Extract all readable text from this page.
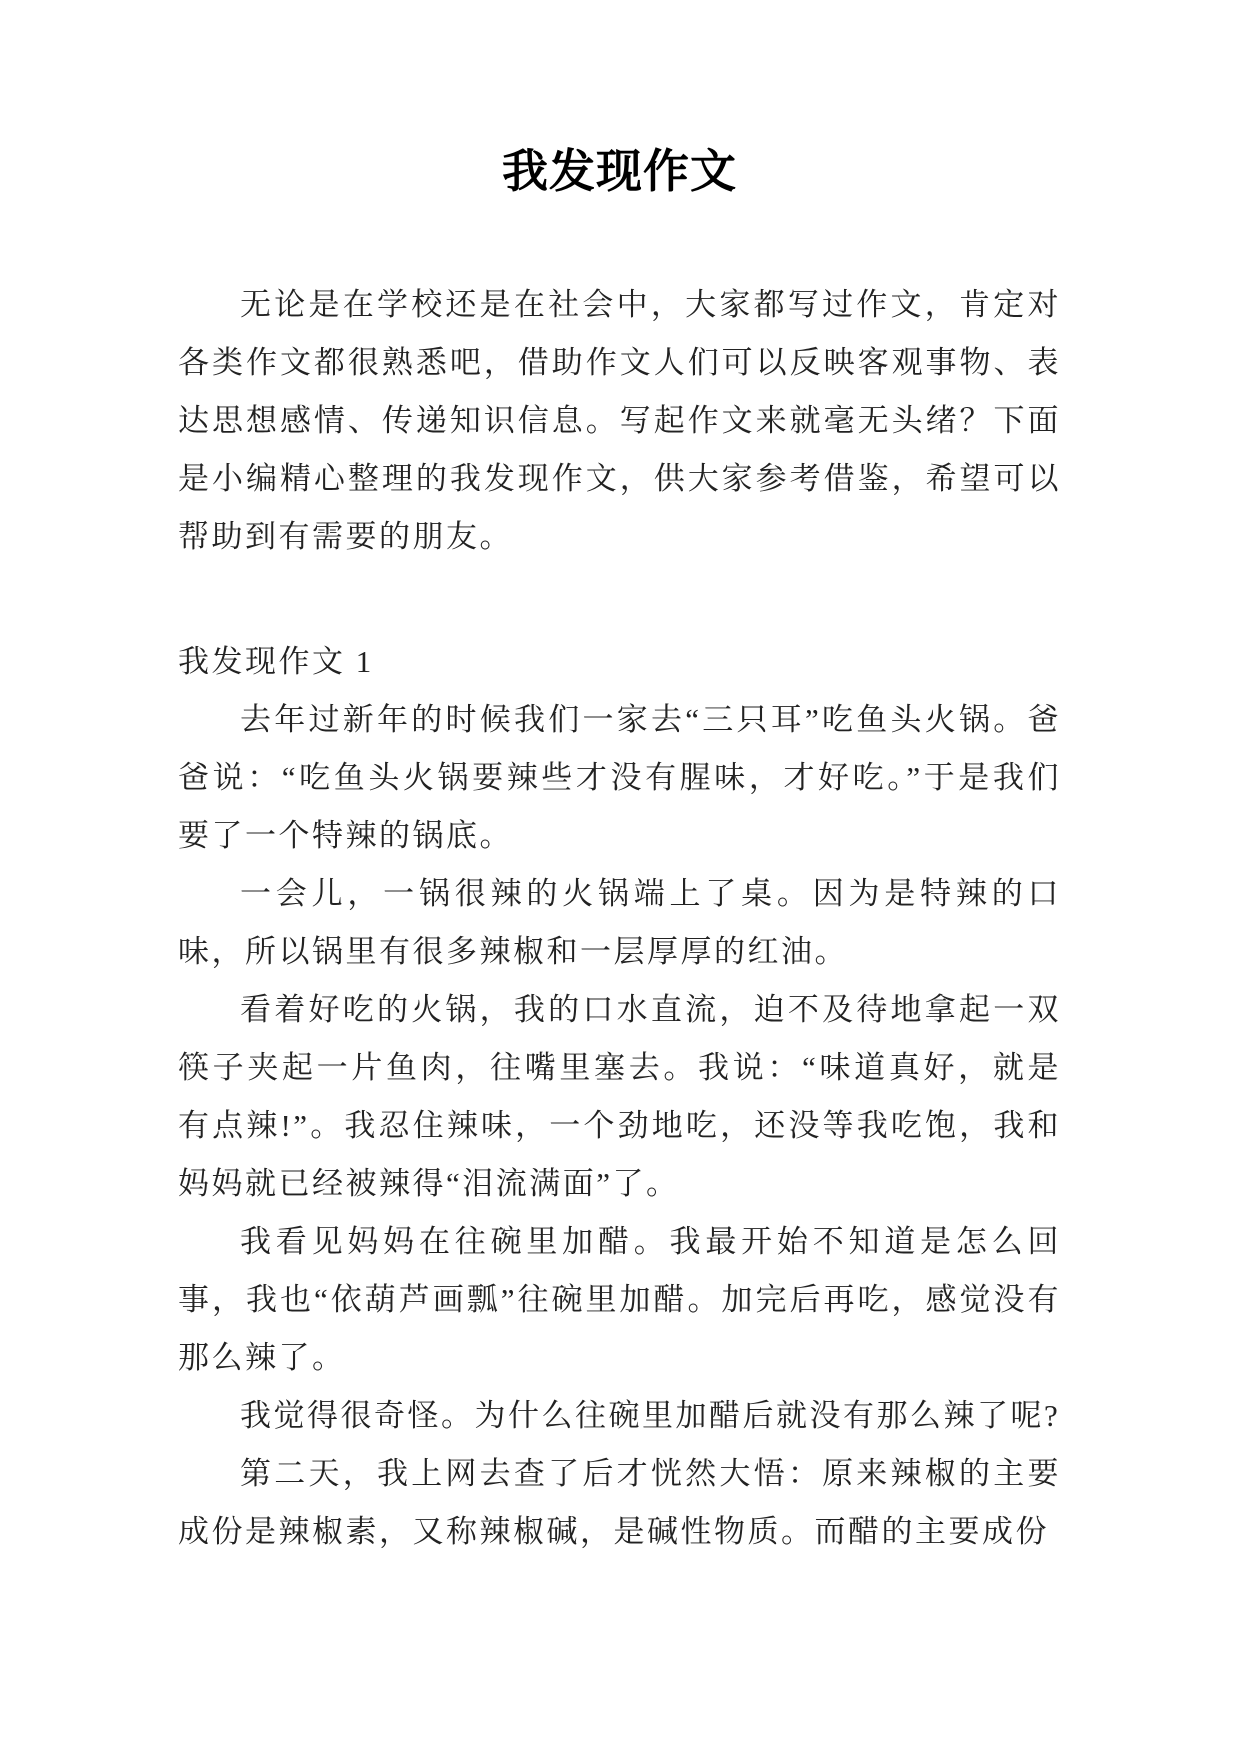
我发现作文

无论是在学校还是在社会中，大家都写过作文，肯定对各类作文都很熟悉吧，借助作文人们可以反映客观事物、表达思想感情、传递知识信息。写起作文来就毫无头绪？下面是小编精心整理的我发现作文，供大家参考借鉴，希望可以帮助到有需要的朋友。

我发现作文 1

去年过新年的时候我们一家去“三只耳”吃鱼头火锅。爸爸说：“吃鱼头火锅要辣些才没有腥味，才好吃。”于是我们要了一个特辣的锅底。

一会儿，一锅很辣的火锅端上了桌。因为是特辣的口味，所以锅里有很多辣椒和一层厚厚的红油。

看着好吃的火锅，我的口水直流，迫不及待地拿起一双筷子夹起一片鱼肉，往嘴里塞去。我说：“味道真好，就是有点辣!”。我忍住辣味，一个劲地吃，还没等我吃饱，我和妈妈就已经被辣得“泪流满面”了。

我看见妈妈在往碗里加醋。我最开始不知道是怎么回事，我也“依葫芦画瓢”往碗里加醋。加完后再吃，感觉没有那么辣了。

我觉得很奇怪。为什么往碗里加醋后就没有那么辣了呢?

第二天，我上网去查了后才恍然大悟：原来辣椒的主要成份是辣椒素，又称辣椒碱，是碱性物质。而醋的主要成份
